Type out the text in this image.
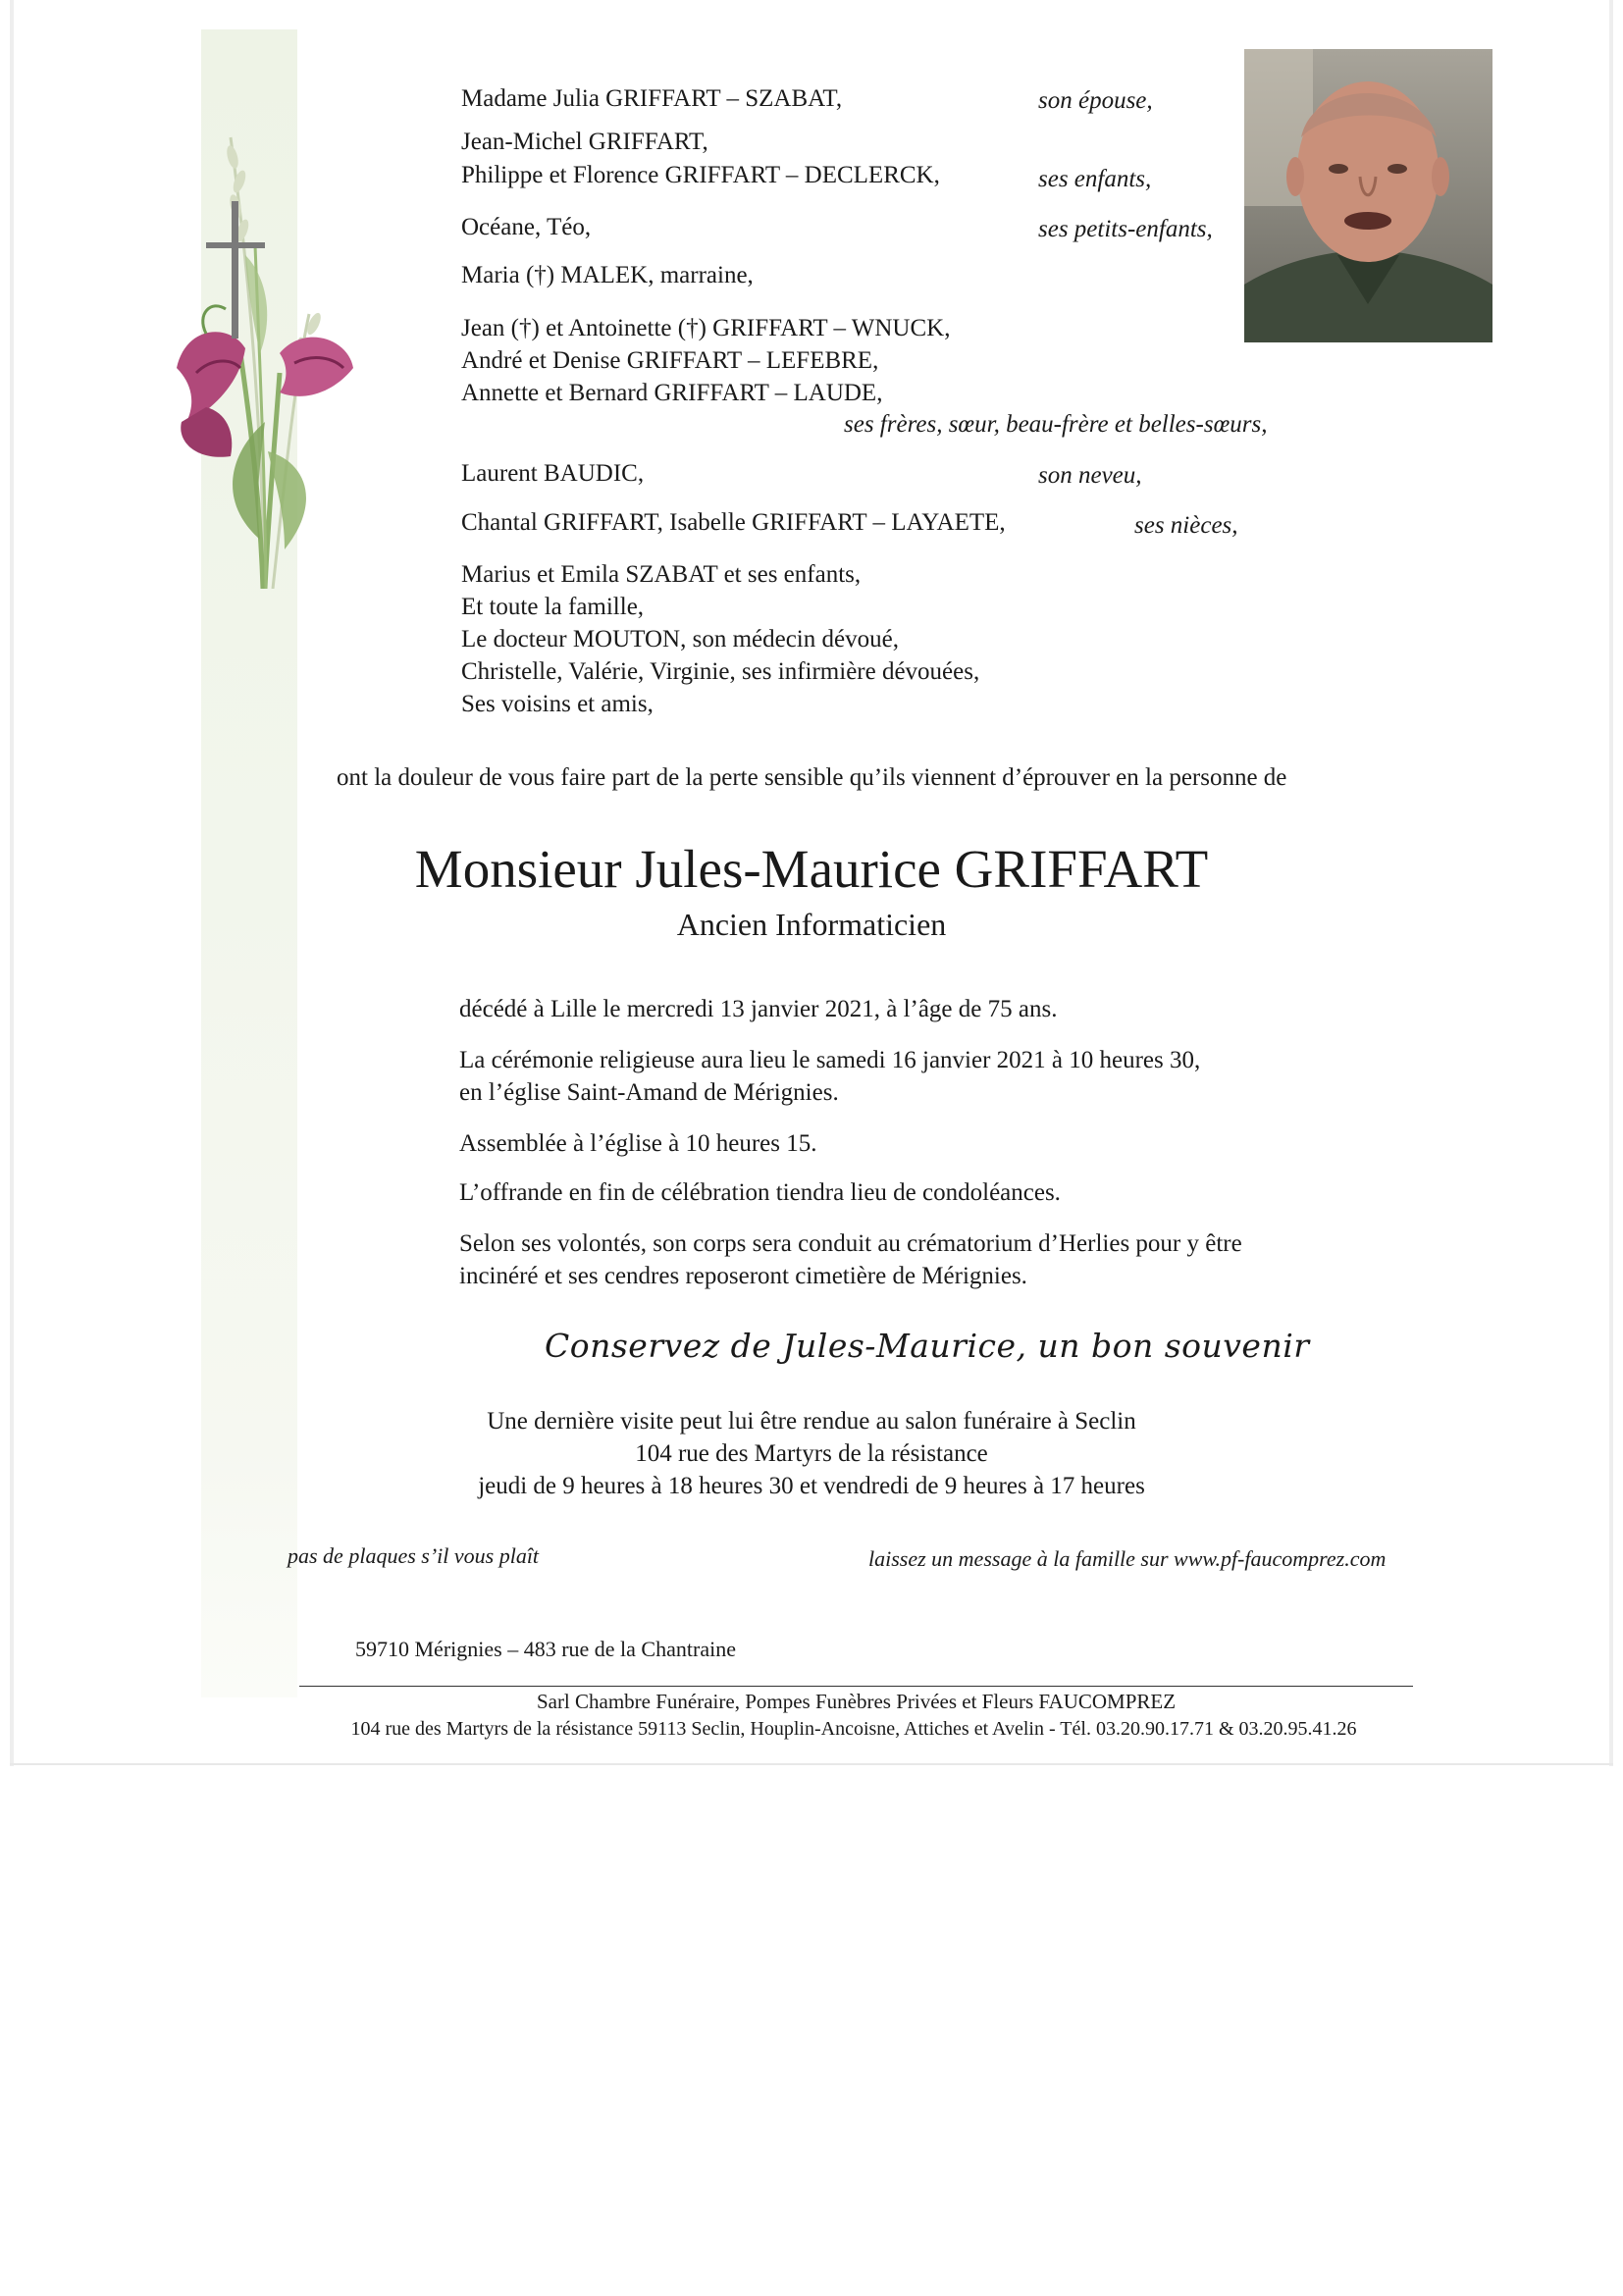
Madame Julia GRIFFART – SZABAT,	son épouse,
Jean-Michel GRIFFART,
Philippe et Florence GRIFFART – DECLERCK,	ses enfants,
Océane, Téo,	ses petits-enfants,
Maria (†) MALEK, marraine,
Jean (†) et Antoinette (†) GRIFFART – WNUCK,
André et Denise GRIFFART – LEFEBRE,
Annette et Bernard GRIFFART – LAUDE,
ses frères, sœur, beau-frère et belles-sœurs,
Laurent BAUDIC,	son neveu,
Chantal GRIFFART, Isabelle GRIFFART – LAYAETE,	ses nièces,
Marius et Emila SZABAT et ses enfants,
Et toute la famille,
Le docteur MOUTON, son médecin dévoué,
Christelle, Valérie, Virginie, ses infirmière dévouées,
Ses voisins et amis,
ont la douleur de vous faire part de la perte sensible qu’ils viennent d’éprouver en la personne de
Monsieur Jules-Maurice GRIFFART
Ancien Informaticien
décédé à Lille le mercredi 13 janvier 2021, à l’âge de 75 ans.
La cérémonie religieuse aura lieu le samedi 16 janvier 2021 à 10 heures 30,
en l’église Saint-Amand de Mérignies.
Assemblée à l’église à 10 heures 15.
L’offrande en fin de célébration tiendra lieu de condoléances.
Selon ses volontés, son corps sera conduit au crématorium d’Herlies pour y être
incinéré et ses cendres reposeront cimetière de Mérignies.
Conservez de Jules-Maurice, un bon souvenir
Une dernière visite peut lui être rendue au salon funéraire à Seclin
104 rue des Martyrs de la résistance
jeudi de 9 heures à 18 heures 30 et vendredi de 9 heures à 17 heures
pas de plaques s’il vous plaît	laissez un message à la famille sur www.pf-faucomprez.com
59710 Mérignies – 483 rue de la Chantraine
Sarl Chambre Funéraire, Pompes Funèbres Privées et Fleurs FAUCOMPREZ
104 rue des Martyrs de la résistance 59113 Seclin, Houplin-Ancoisne, Attiches et Avelin - Tél. 03.20.90.17.71 & 03.20.95.41.26
